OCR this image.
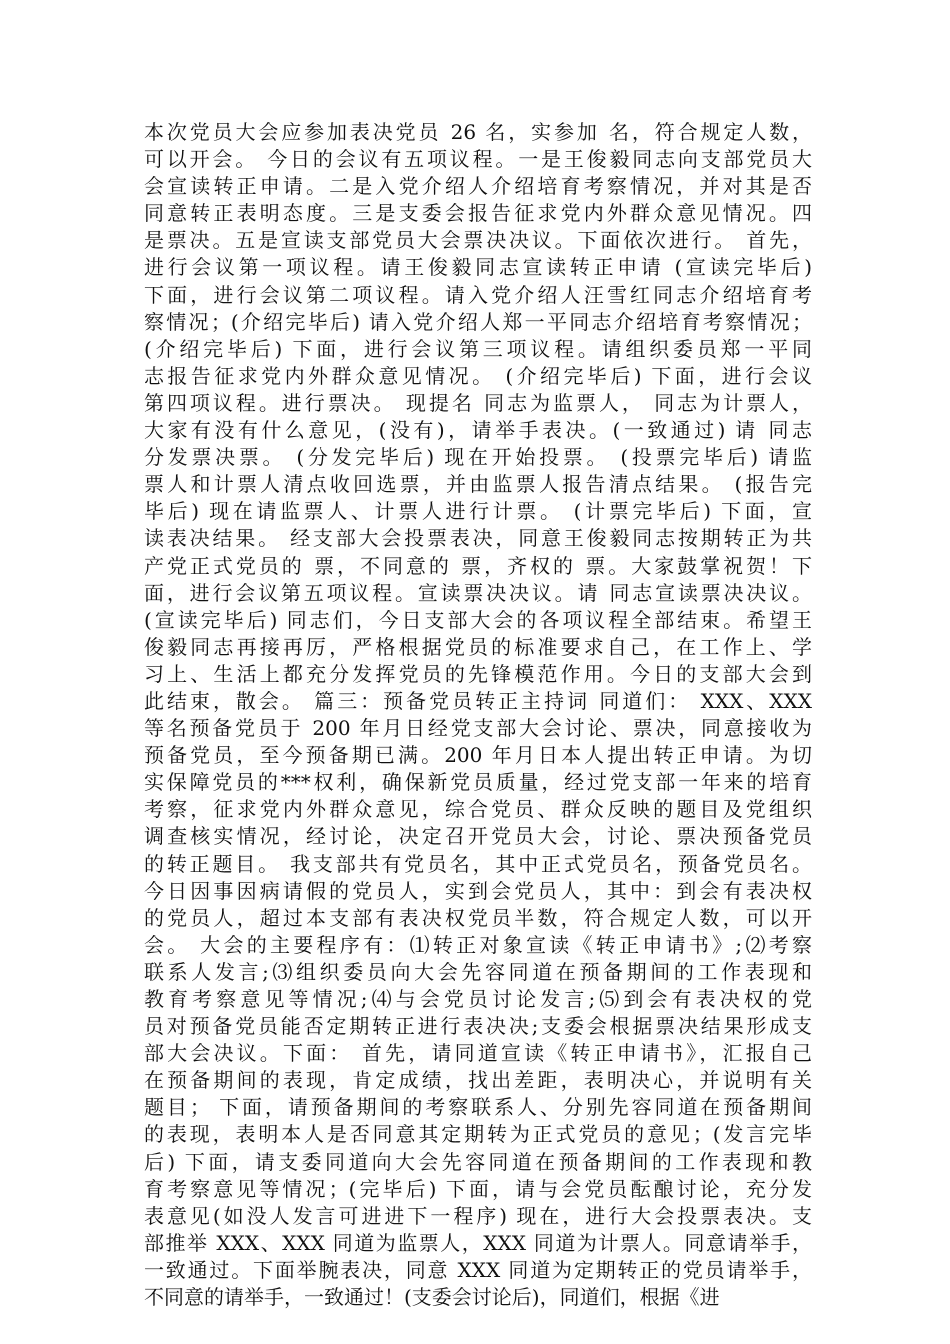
本次党员大会应参加表决党员 26 名，实参加 名，符合规定人数，
可以开会。 今日的会议有五项议程。一是王俊毅同志向支部党员大
会宣读转正申请。二是入党介绍人介绍培育考察情况，并对其是否
同意转正表明态度。三是支委会报告征求党内外群众意见情况。四
是票决。五是宣读支部党员大会票决决议。下面依次进行。 首先，
进行会议第一项议程。请王俊毅同志宣读转正申请 (宣读完毕后)
下面，进行会议第二项议程。请入党介绍人汪雪红同志介绍培育考
察情况；(介绍完毕后) 请入党介绍人郑一平同志介绍培育考察情况；
(介绍完毕后) 下面，进行会议第三项议程。请组织委员郑一平同
志报告征求党内外群众意见情况。 (介绍完毕后) 下面，进行会议
第四项议程。进行票决。 现提名 同志为监票人， 同志为计票人，
大家有没有什么意见，(没有)，请举手表决。(一致通过) 请 同志
分发票决票。 (分发完毕后) 现在开始投票。 (投票完毕后) 请监
票人和计票人清点收回选票，并由监票人报告清点结果。 (报告完
毕后) 现在请监票人、计票人进行计票。 (计票完毕后) 下面，宣
读表决结果。 经支部大会投票表决，同意王俊毅同志按期转正为共
产党正式党员的 票，不同意的 票，齐权的 票。大家鼓掌祝贺！下
面，进行会议第五项议程。宣读票决决议。请 同志宣读票决决议。
(宣读完毕后) 同志们，今日支部大会的各项议程全部结束。希望王
俊毅同志再接再厉，严格根据党员的标准要求自己，在工作上、学
习上、生活上都充分发挥党员的先锋模范作用。今日的支部大会到
此结束，散会。 篇三：预备党员转正主持词 同道们： XXX、XXX
等名预备党员于 200 年月日经党支部大会讨论、票决，同意接收为
预备党员，至今预备期已满。200 年月日本人提出转正申请。为切
实保障党员的***权利，确保新党员质量，经过党支部一年来的培育
考察，征求党内外群众意见，综合党员、群众反映的题目及党组织
调查核实情况，经讨论，决定召开党员大会，讨论、票决预备党员
的转正题目。 我支部共有党员名，其中正式党员名，预备党员名。
今日因事因病请假的党员人，实到会党员人，其中：到会有表决权
的党员人，超过本支部有表决权党员半数，符合规定人数，可以开
会。 大会的主要程序有：⑴转正对象宣读《转正申请书》;⑵考察
联系人发言;⑶组织委员向大会先容同道在预备期间的工作表现和
教育考察意见等情况;⑷与会党员讨论发言;⑸到会有表决权的党
员对预备党员能否定期转正进行表决决;支委会根据票决结果形成支
部大会决议。下面： 首先，请同道宣读《转正申请书》，汇报自己
在预备期间的表现，肯定成绩，找出差距，表明决心，并说明有关
题目； 下面，请预备期间的考察联系人、分别先容同道在预备期间
的表现，表明本人是否同意其定期转为正式党员的意见；(发言完毕
后) 下面，请支委同道向大会先容同道在预备期间的工作表现和教
育考察意见等情况；(完毕后) 下面，请与会党员酝酿讨论，充分发
表意见(如没人发言可进进下一程序) 现在，进行大会投票表决。支
部推举 XXX、XXX 同道为监票人，XXX 同道为计票人。同意请举手，
一致通过。下面举腕表决，同意 XXX 同道为定期转正的党员请举手，
不同意的请举手，一致通过！(支委会讨论后)，同道们，根据《进
